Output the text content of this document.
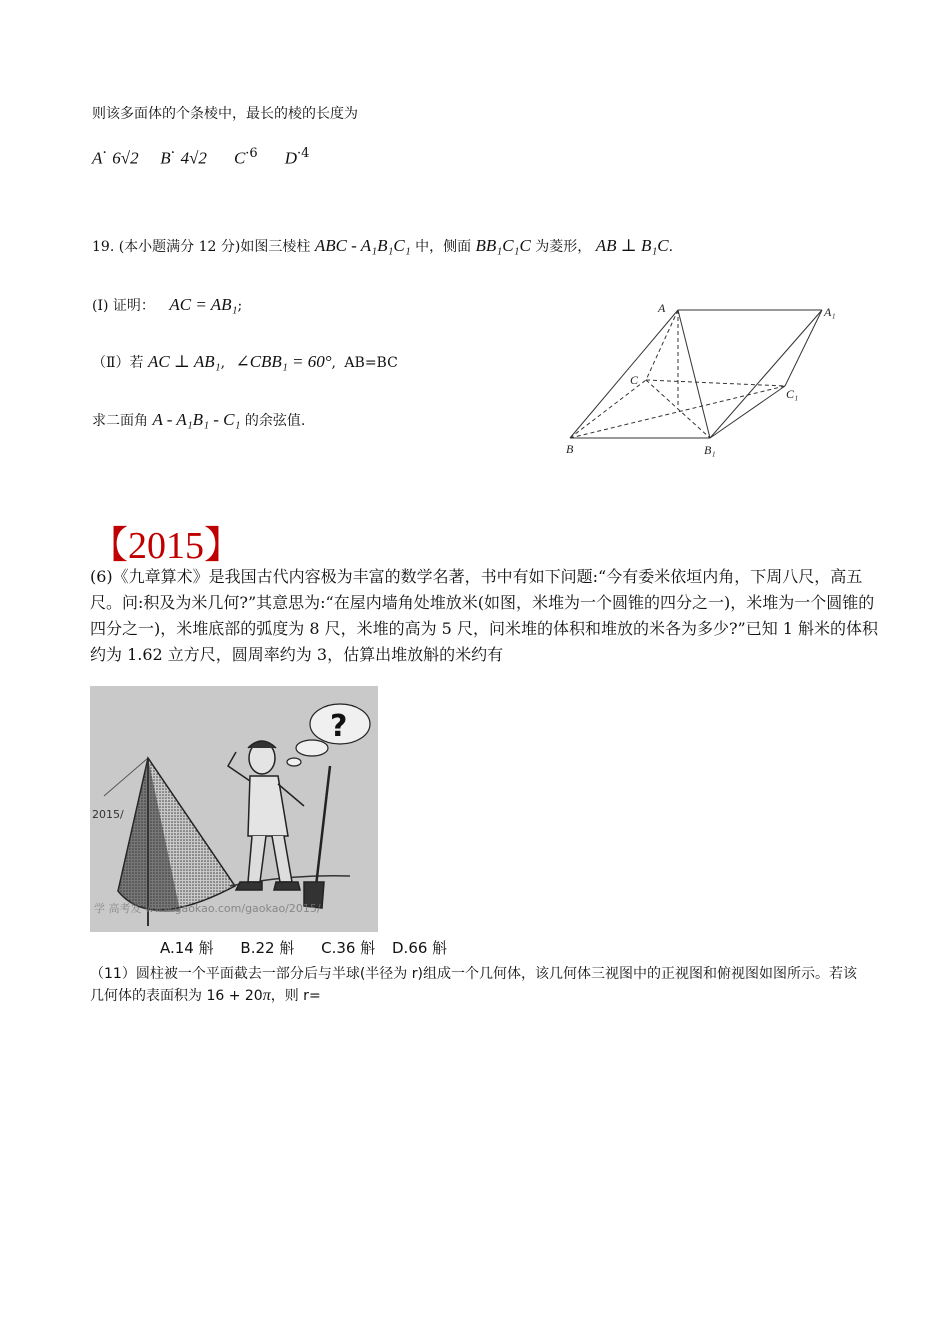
则该多面体的个条棱中，最长的棱的长度为
A· 6√2 B· 4√2 $C^{\cdot 6}$ $D^{\cdot 4}$
19. (本小题满分 12 分)如图三棱柱 ABC - A₁B₁C₁ 中，侧面 BB₁C₁C 为菱形， AB ⊥ B₁C.
(Ⅰ) 证明： AC = AB₁;
（Ⅱ）若 AC ⊥ AB₁, ∠CBB₁ = 60°, AB=BC
求二面角 A - A₁B₁ - C₁ 的余弦值.
A	A₁
C
C₁
B	B₁
【2015】
(6)《九章算术》是我国古代内容极为丰富的数学名著，书中有如下问题:“今有委米依垣内角，下周八尺，高五尺。问:积及为米几何?”其意思为:“在屋内墙角处堆放米(如图，米堆为一个圆锥的四分之一)，米堆为一个圆锥的四分之一)，米堆底部的弧度为 8 尺，米堆的高为 5 尺，问米堆的体积和堆放的米各为多少?”已知 1 斛米的体积约为 1.62 立方尺，圆周率约为 3，估算出堆放斛的米约有
?
2015/
学 高考发 www.gaokao.com/gaokao/2015/
A.14 斛 B.22 斛 C.36 斛 D.66 斛
（11）圆柱被一个平面截去一部分后与半球(半径为 r)组成一个几何体，该几何体三视图中的正视图和俯视图如图所示。若该几何体的表面积为 16 + 20π，则 r=
